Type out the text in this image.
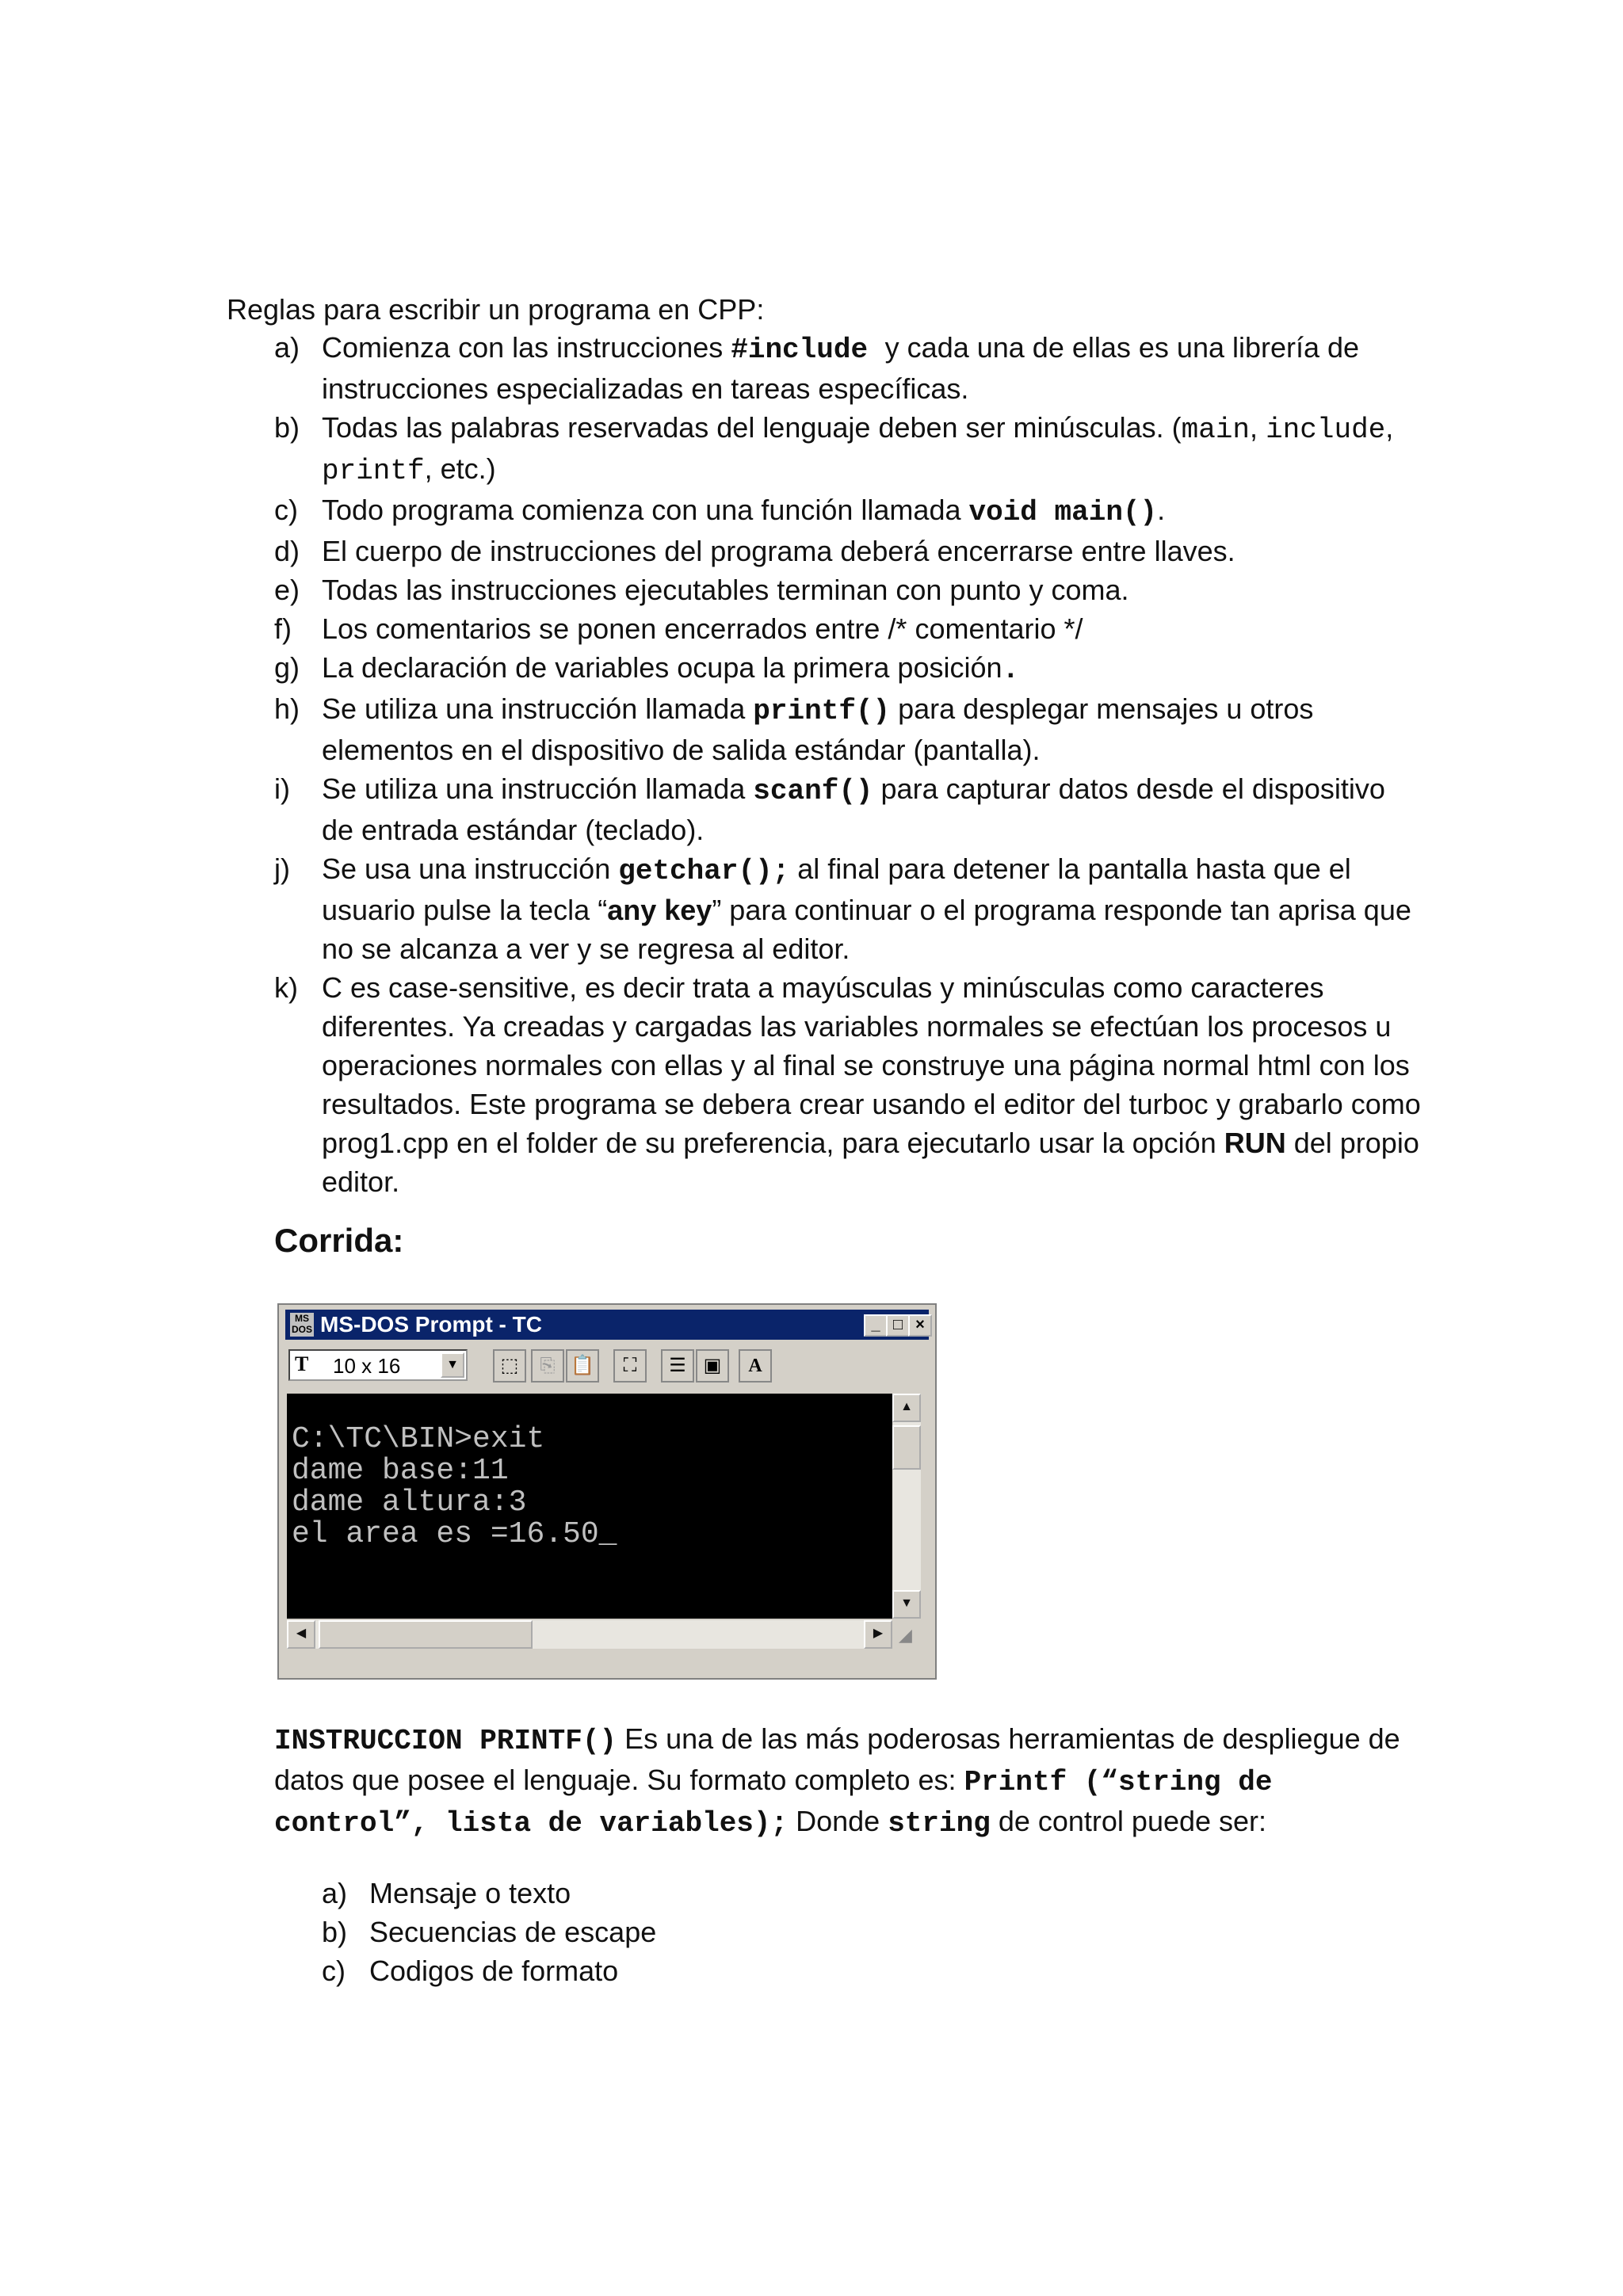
Reglas para escribir un programa en CPP:
a) Comienza con las instrucciones #include y cada una de ellas es una librería de instrucciones especializadas en tareas específicas.
b) Todas las palabras reservadas del lenguaje deben ser minúsculas. (main, include, printf, etc.)
c) Todo programa comienza con una función llamada void main().
d) El cuerpo de instrucciones del programa deberá encerrarse entre llaves.
e) Todas las instrucciones ejecutables terminan con punto y coma.
f) Los comentarios se ponen encerrados entre /* comentario */
g) La declaración de variables ocupa la primera posición.
h) Se utiliza una instrucción llamada printf() para desplegar mensajes u otros elementos en el dispositivo de salida estándar (pantalla).
i) Se utiliza una instrucción llamada scanf() para capturar datos desde el dispositivo de entrada estándar (teclado).
j) Se usa una instrucción getchar(); al final para detener la pantalla hasta que el usuario pulse la tecla “any key” para continuar o el programa responde tan aprisa que no se alcanza a ver y se regresa al editor.
k) C es case-sensitive, es decir trata a mayúsculas y minúsculas como caracteres diferentes. Ya creadas y cargadas las variables normales se efectúan los procesos u operaciones normales con ellas y al final se construye una página normal html con los resultados. Este programa se debera crear usando el editor del turboc y grabarlo como prog1.cpp en el folder de su preferencia, para ejecutarlo usar la opción RUN del propio editor.
Corrida:
MS DOS MS-DOS Prompt - TC	_ □ ×
T 10 x 16	▼	⬚	⎘ 📋	⛶	☰ ▣	A
C:\TC\BIN>exit
dame base:11
dame altura:3
el area es =16.50_
▲
▼
◀	▶ ◢
INSTRUCCION PRINTF() Es una de las más poderosas herramientas de despliegue de datos que posee el lenguaje. Su formato completo es: Printf (“string de control”, lista de variables); Donde string de control puede ser:
a) Mensaje o texto
b) Secuencias de escape
c) Codigos de formato
